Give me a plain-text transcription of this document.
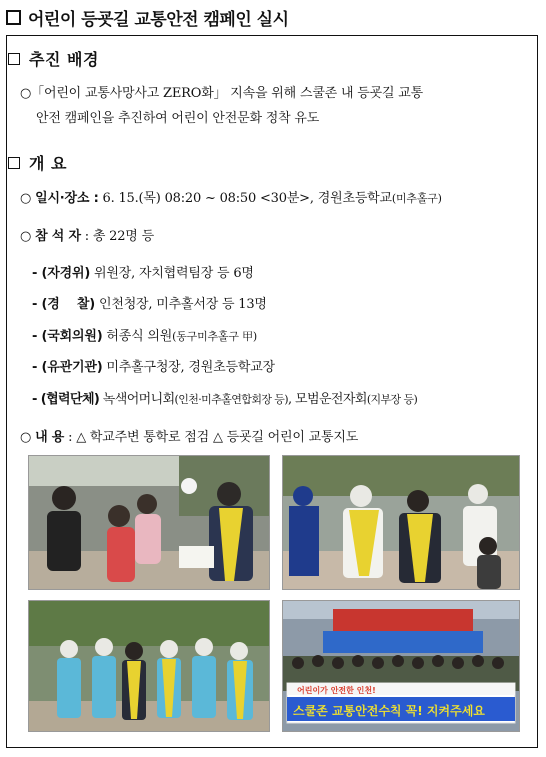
어린이 등굣길 교통안전 캠페인 실시
추진 배경
○「어린이 교통사망사고 ZERO화」 지속을 위해 스쿨존 내 등굣길 교통
안전 캠페인을 추진하여 어린이 안전문화 정착 유도
개 요
○ 일시·장소 : 6. 15.(목) 08:20 ~ 08:50 <30분>, 경원초등학교(미추홀구)
○ 참 석 자 : 총 22명 등
- (자경위) 위원장, 자치협력팀장 등 6명
- (경    찰) 인천청장, 미추홀서장 등 13명
- (국회의원) 허종식 의원(동구미추홀구 甲)
- (유관기관) 미추홀구청장, 경원초등학교장
- (협력단체) 녹색어머니회(인천·미추홀연합회장 등), 모범운전자회(지부장 등)
○ 내 용 : △ 학교주변 통학로 점검 △ 등굣길 어린이 교통지도
어린이가 안전한 인천!
스쿨존 교통안전수칙 꼭! 지켜주세요
